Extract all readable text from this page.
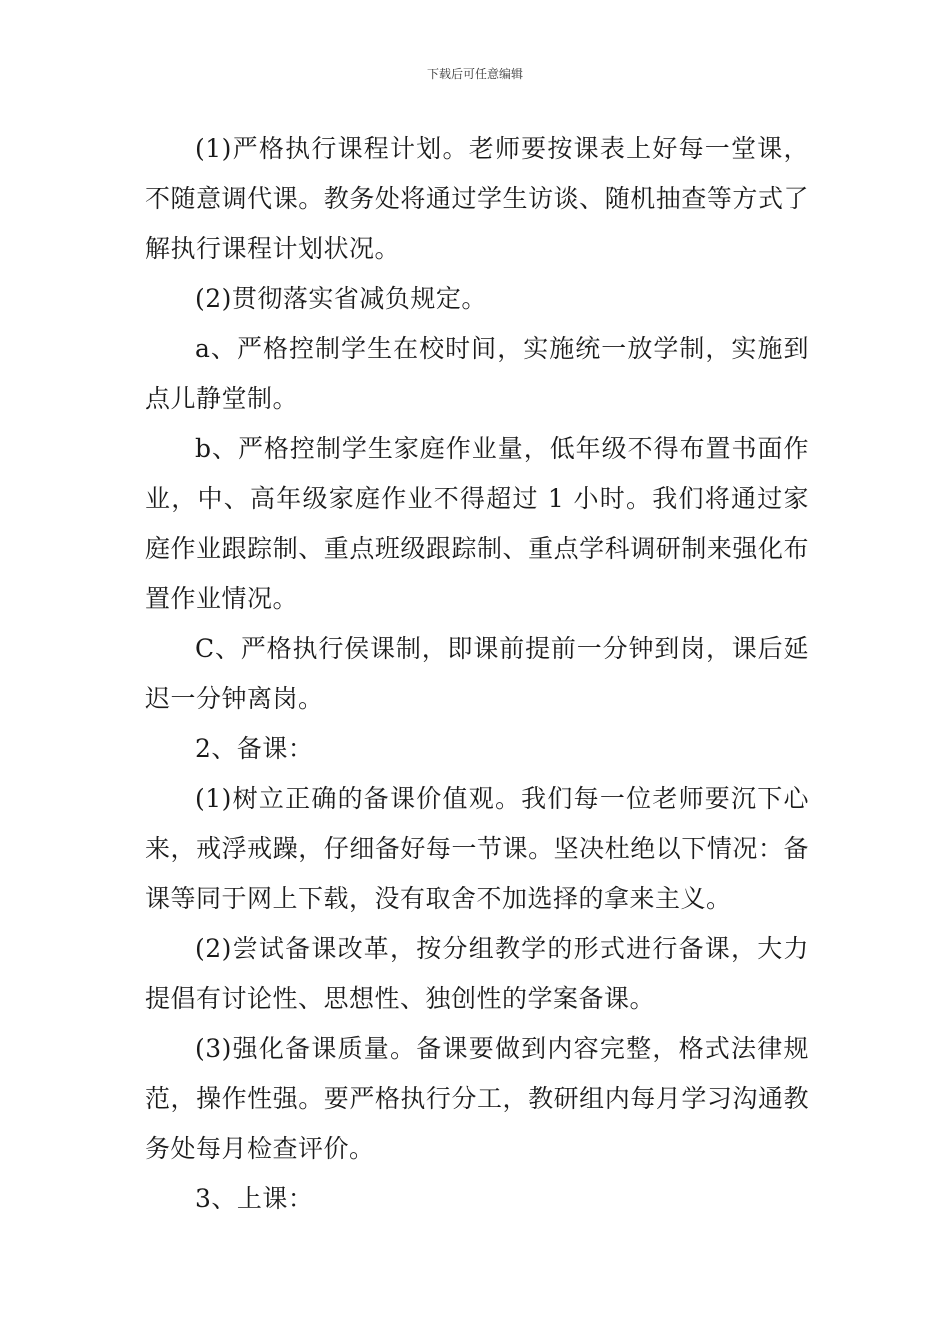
下载后可任意编辑

(1)严格执行课程计划。老师要按课表上好每一堂课，不随意调代课。教务处将通过学生访谈、随机抽查等方式了解执行课程计划状况。

(2)贯彻落实省减负规定。

a、严格控制学生在校时间，实施统一放学制，实施到点儿静堂制。

b、严格控制学生家庭作业量，低年级不得布置书面作业，中、高年级家庭作业不得超过 1 小时。我们将通过家庭作业跟踪制、重点班级跟踪制、重点学科调研制来强化布置作业情况。

C、严格执行侯课制，即课前提前一分钟到岗，课后延迟一分钟离岗。

2、备课：

(1)树立正确的备课价值观。我们每一位老师要沉下心来，戒浮戒躁，仔细备好每一节课。坚决杜绝以下情况：备课等同于网上下载，没有取舍不加选择的拿来主义。

(2)尝试备课改革，按分组教学的形式进行备课，大力提倡有讨论性、思想性、独创性的学案备课。

(3)强化备课质量。备课要做到内容完整，格式法律规范，操作性强。要严格执行分工，教研组内每月学习沟通教务处每月检查评价。

3、上课：
